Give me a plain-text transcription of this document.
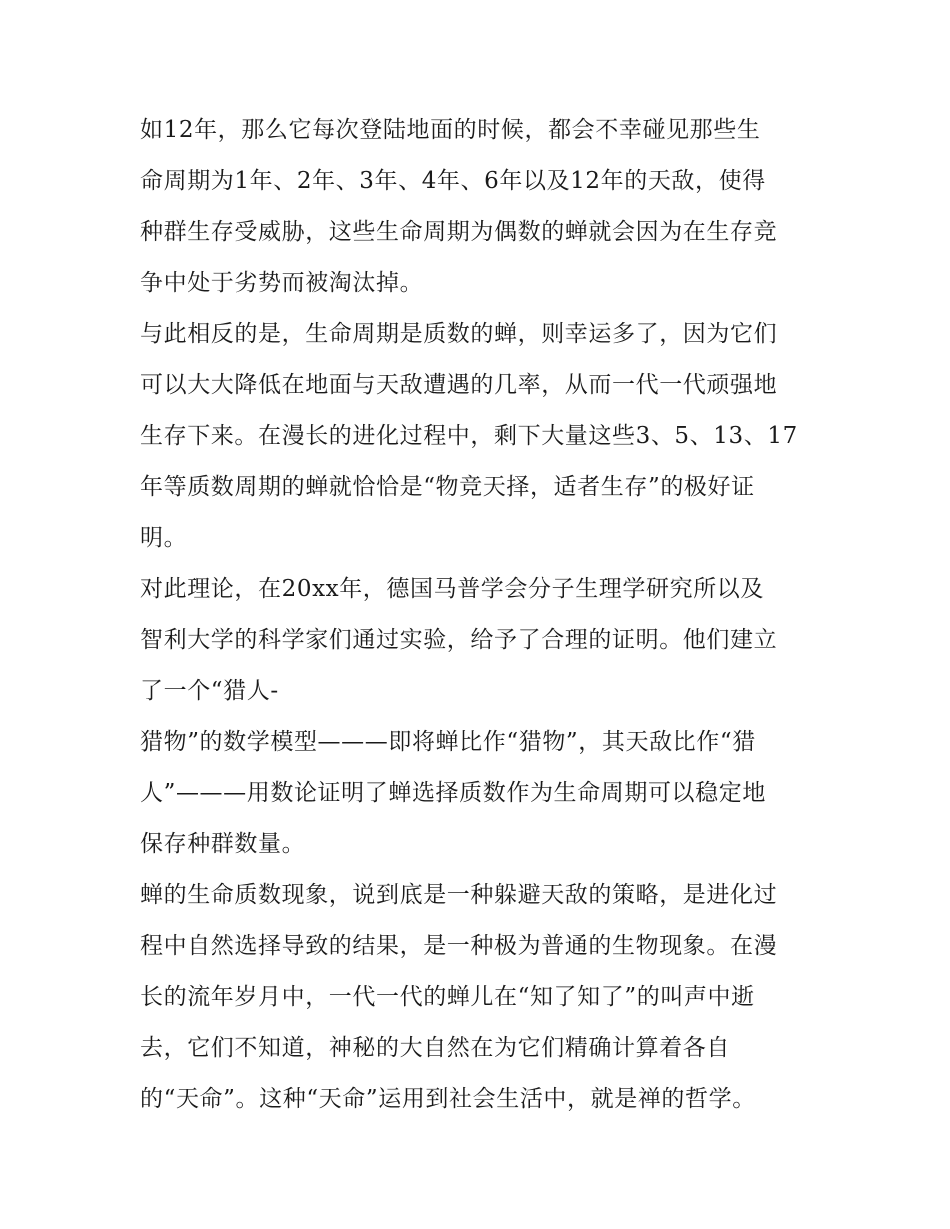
如12年，那么它每次登陆地面的时候，都会不幸碰见那些生
命周期为1年、2年、3年、4年、6年以及12年的天敌，使得
种群生存受威胁，这些生命周期为偶数的蝉就会因为在生存竞
争中处于劣势而被淘汰掉。
与此相反的是，生命周期是质数的蝉，则幸运多了，因为它们
可以大大降低在地面与天敌遭遇的几率，从而一代一代顽强地
生存下来。在漫长的进化过程中，剩下大量这些3、5、13、17
年等质数周期的蝉就恰恰是“物竞天择，适者生存”的极好证
明。
对此理论，在20xx年，德国马普学会分子生理学研究所以及
智利大学的科学家们通过实验，给予了合理的证明。他们建立
了一个“猎人-
猎物”的数学模型———即将蝉比作“猎物”，其天敌比作“猎
人”———用数论证明了蝉选择质数作为生命周期可以稳定地
保存种群数量。
蝉的生命质数现象，说到底是一种躲避天敌的策略，是进化过
程中自然选择导致的结果，是一种极为普通的生物现象。在漫
长的流年岁月中，一代一代的蝉儿在“知了知了”的叫声中逝
去，它们不知道，神秘的大自然在为它们精确计算着各自
的“天命”。这种“天命”运用到社会生活中，就是禅的哲学。
